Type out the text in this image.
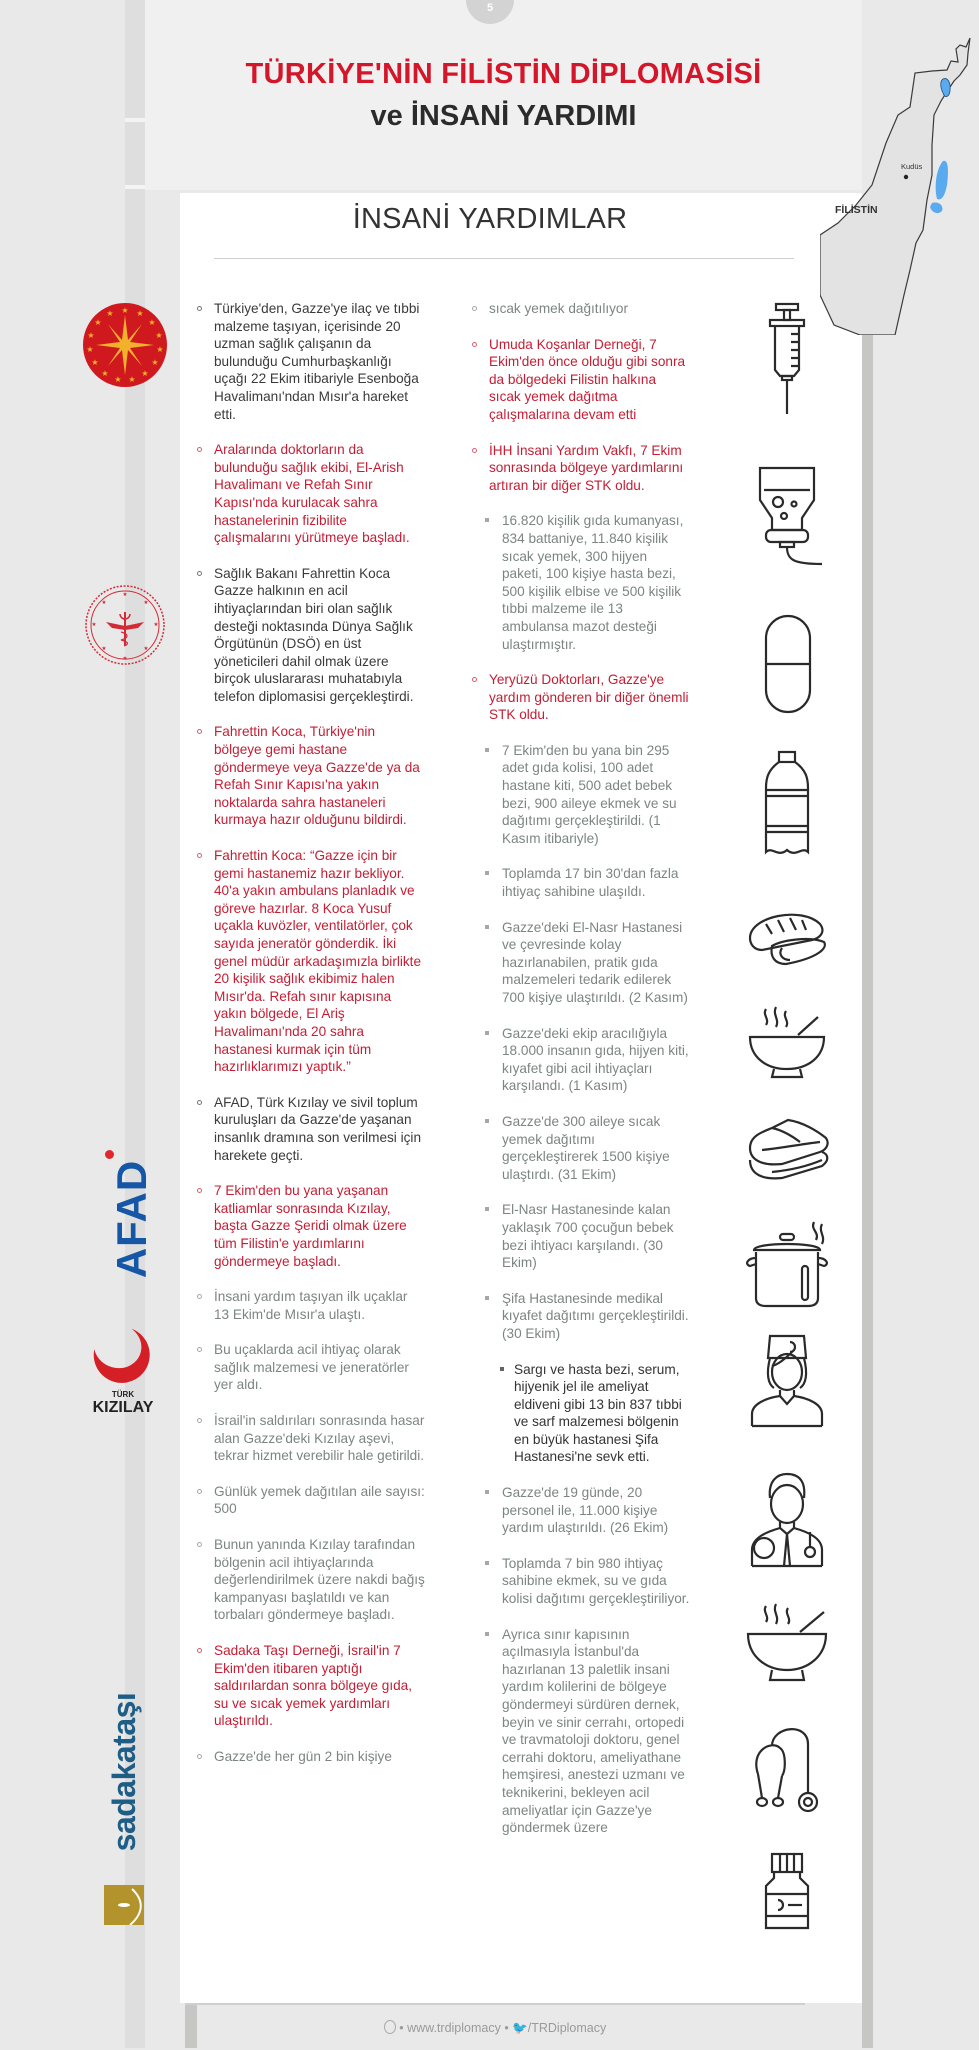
5
TÜRKİYE'NİN FİLİSTİN DİPLOMASİSİ
ve İNSANİ YARDIMI
İNSANİ YARDIMLAR
Kudüs
FİLİSTİN
★ ★
★
★
★
★
★
★
★
★
★
★
★
★
★
★
★
★
★
★
★
★
★
AFAD
TÜRK
KIZILAY
sadakataşı
Türkiye'den, Gazze'ye ilaç ve tıbbi malzeme taşıyan, içerisinde 20 uzman sağlık çalışanın da bulunduğu Cumhurbaşkanlığı uçağı 22 Ekim itibariyle Esenboğa Havalimanı'ndan Mısır'a hareket etti.
Aralarında doktorların da bulunduğu sağlık ekibi, El-Arish Havalimanı ve Refah Sınır Kapısı'nda kurulacak sahra hastanelerinin fizibilite çalışmalarını yürütmeye başladı.
Sağlık Bakanı Fahrettin Koca Gazze halkının en acil ihtiyaçlarından biri olan sağlık desteği noktasında Dünya Sağlık Örgütünün (DSÖ) en üst yöneticileri dahil olmak üzere birçok uluslararası muhatabıyla telefon diplomasisi gerçekleştirdi.
Fahrettin Koca, Türkiye'nin bölgeye gemi hastane göndermeye veya Gazze'de ya da Refah Sınır Kapısı'na yakın noktalarda sahra hastaneleri kurmaya hazır olduğunu bildirdi.
Fahrettin Koca: “Gazze için bir gemi hastanemiz hazır bekliyor. 40'a yakın ambulans planladık ve göreve hazırlar. 8 Koca Yusuf uçakla kuvözler, ventilatörler, çok sayıda jeneratör gönderdik. İki genel müdür arkadaşımızla birlikte 20 kişilik sağlık ekibimiz halen Mısır'da. Refah sınır kapısına yakın bölgede, El Ariş Havalimanı'nda 20 sahra hastanesi kurmak için tüm hazırlıklarımızı yaptık.”
AFAD, Türk Kızılay ve sivil toplum kuruluşları da Gazze'de yaşanan insanlık dramına son verilmesi için harekete geçti.
7 Ekim'den bu yana yaşanan katliamlar sonrasında Kızılay, başta Gazze Şeridi olmak üzere tüm Filistin'e yardımlarını göndermeye başladı.
İnsani yardım taşıyan ilk uçaklar 13 Ekim'de Mısır'a ulaştı.
Bu uçaklarda acil ihtiyaç olarak sağlık malzemesi ve jeneratörler yer aldı.
İsrail'in saldırıları sonrasında hasar alan Gazze'deki Kızılay aşevi, tekrar hizmet verebilir hale getirildi.
Günlük yemek dağıtılan aile sayısı: 500
Bunun yanında Kızılay tarafından bölgenin acil ihtiyaçlarında değerlendirilmek üzere nakdi bağış kampanyası başlatıldı ve kan torbaları göndermeye başladı.
Sadaka Taşı Derneği, İsrail'in 7 Ekim'den itibaren yaptığı saldırılardan sonra bölgeye gıda, su ve sıcak yemek yardımları ulaştırıldı.
Gazze'de her gün 2 bin kişiye
sıcak yemek dağıtılıyor
Umuda Koşanlar Derneği, 7 Ekim'den önce olduğu gibi sonra da bölgedeki Filistin halkına sıcak yemek dağıtma çalışmalarına devam etti
İHH İnsani Yardım Vakfı, 7 Ekim sonrasında bölgeye yardımlarını artıran bir diğer STK oldu.
16.820 kişilik gıda kumanyası, 834 battaniye, 11.840 kişilik sıcak yemek, 300 hijyen paketi, 100 kişiye hasta bezi, 500 kişilik elbise ve 500 kişilik tıbbi malzeme ile 13 ambulansa mazot desteği ulaştırmıştır.
Yeryüzü Doktorları, Gazze'ye yardım gönderen bir diğer önemli STK oldu.
7 Ekim'den bu yana bin 295 adet gıda kolisi, 100 adet hastane kiti, 500 adet bebek bezi, 900 aileye ekmek ve su dağıtımı gerçekleştirildi. (1 Kasım itibariyle)
Toplamda 17 bin 30'dan fazla ihtiyaç sahibine ulaşıldı.
Gazze'deki El-Nasr Hastanesi ve çevresinde kolay hazırlanabilen, pratik gıda malzemeleri tedarik edilerek 700 kişiye ulaştırıldı. (2 Kasım)
Gazze'deki ekip aracılığıyla 18.000 insanın gıda, hijyen kiti, kıyafet gibi acil ihtiyaçları karşılandı. (1 Kasım)
Gazze'de 300 aileye sıcak yemek dağıtımı gerçekleştirerek 1500 kişiye ulaştırdı. (31 Ekim)
El-Nasr Hastanesinde kalan yaklaşık 700 çocuğun bebek bezi ihtiyacı karşılandı. (30 Ekim)
Şifa Hastanesinde medikal kıyafet dağıtımı gerçekleştirildi. (30 Ekim)
Sargı ve hasta bezi, serum, hijyenik jel ile ameliyat eldiveni gibi 13 bin 837 tıbbi ve sarf malzemesi bölgenin en büyük hastanesi Şifa Hastanesi'ne sevk etti.
Gazze'de 19 günde, 20 personel ile, 11.000 kişiye yardım ulaştırıldı. (26 Ekim)
Toplamda 7 bin 980 ihtiyaç sahibine ekmek, su ve gıda kolisi dağıtımı gerçekleştiriliyor.
Ayrıca sınır kapısının açılmasıyla İstanbul'da hazırlanan 13 paletlik insani yardım kolilerini de bölgeye göndermeyi sürdüren dernek, beyin ve sinir cerrahı, ortopedi ve travmatoloji doktoru, genel cerrahi doktoru, ameliyathane hemşiresi, anestezi uzmanı ve teknikerini, bekleyen acil ameliyatlar için Gazze'ye göndermek üzere
• www.trdiplomacy • 🐦/TRDiplomacy
